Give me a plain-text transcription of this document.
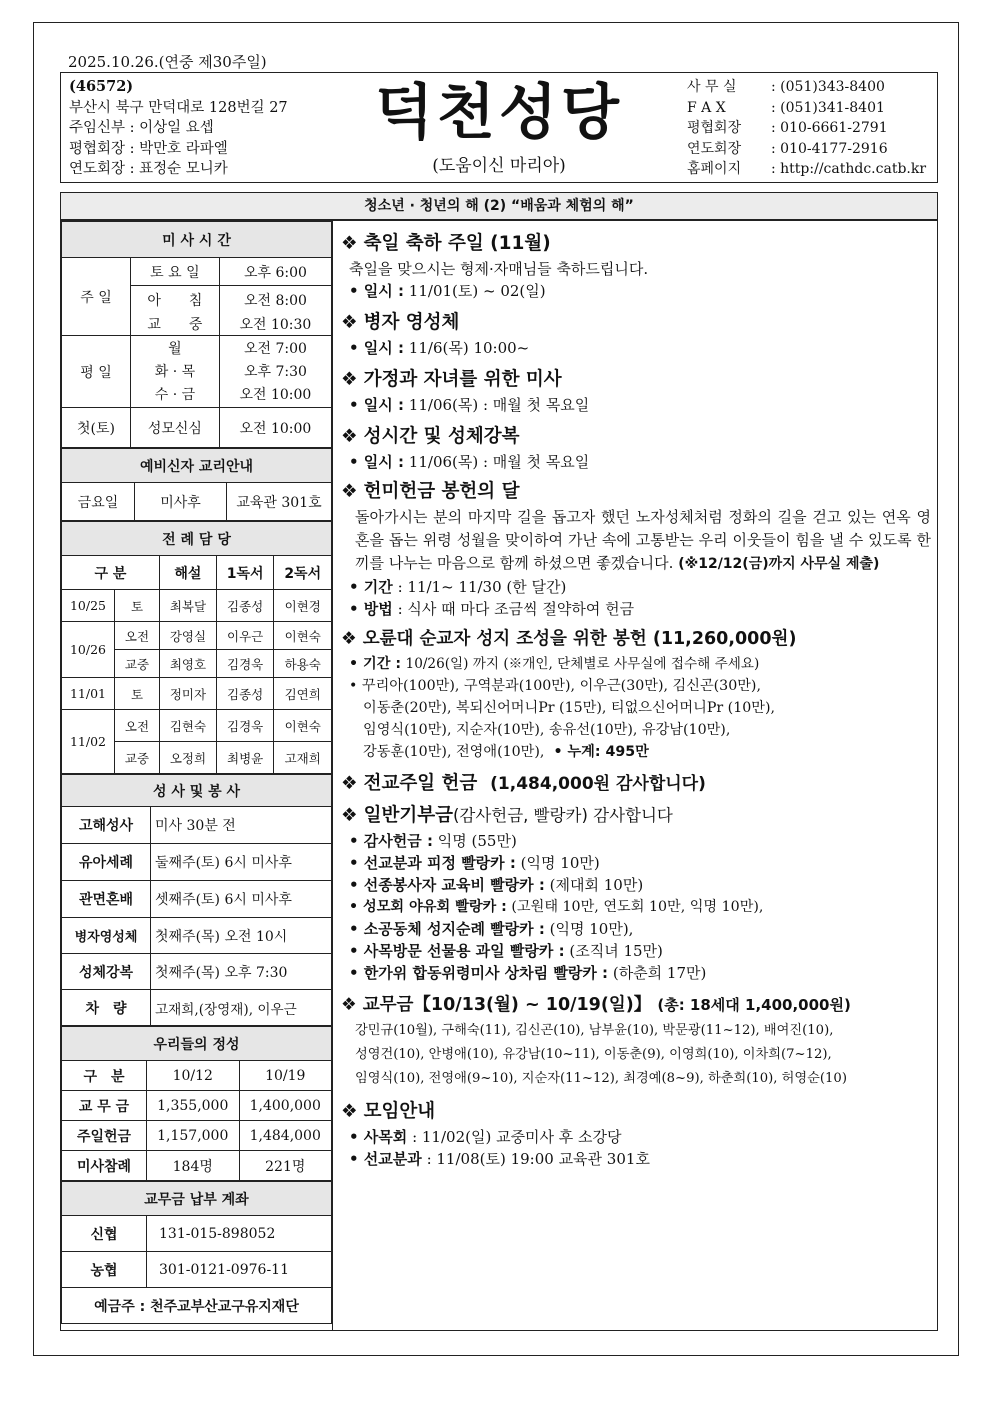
2025.10.26.(연중 제30주일)
(46572)
부산시 북구 만덕대로 128번길 27
주임신부 : 이상일 요셉
평협회장 : 박만호 라파엘
연도회장 : 표정순 모니카
덕천성당
(도움이신 마리아)
사 무 실	: (051)343-8400
F A X	: (051)341-8401
평협회장	: 010-6661-2791
연도회장	: 010-4177-2916
홈페이지	: http://cathdc.catb.kr
청소년 · 청년의 해 (2) “배움과 체험의 해”
미 사 시 간		
주 일	토 요 일	오후 6:00
	아　　침	오전 8:00
	교　　중	오전 10:30
평 일	월	오전 7:00
	화 · 목	오후 7:30
	수 · 금	오전 10:00
첫(토)	성모신심	오전 10:00
예비신자 교리안내
금요일	미사후	교육관 301호
전 례 담 당				
구 분		해설	1독서	2독서
10/25	토	최복달	김종성	이현경
10/26	오전	강영실	이우근	이현숙
	교중	최영호	김경욱	하용숙
11/01	토	정미자	김종성	김연희
11/02	오전	김현숙	김경욱	이현숙
	교중	오정희	최병윤	고재희
성 사 및 봉 사	
고해성사	미사 30분 전
유아세례	둘째주(토) 6시 미사후
관면혼배	셋째주(토) 6시 미사후
병자영성체	첫째주(목) 오전 10시
성체강복	첫째주(목) 오후 7:30
차　량	고재희,(장영재), 이우근
우리들의 정성		
구　분	10/12	10/19
교 무 금	1,355,000	1,400,000
주일헌금	1,157,000	1,484,000
미사참례	184명	221명
교무금 납부 계좌	
신협	131-015-898052
농협	301-0121-0976-11
예금주 : 천주교부산교구유지재단	
❖ 축일 축하 주일 (11월)
축일을 맞으시는 형제·자매님들 축하드립니다.
• 일시 : 11/01(토) ~ 02(일)
❖ 병자 영성체
• 일시 : 11/6(목) 10:00~
❖ 가정과 자녀를 위한 미사
• 일시 : 11/06(목) : 매월 첫 목요일
❖ 성시간 및 성체강복
• 일시 : 11/06(목) : 매월 첫 목요일
❖ 헌미헌금 봉헌의 달
돌아가시는 분의 마지막 길을 돕고자 했던 노자성체처럼 정화의 길을 걷고 있는 연옥 영혼을 돕는 위령 성월을 맞이하여 가난 속에 고통받는 우리 이웃들이 힘을 낼 수 있도록 한 끼를 나누는 마음으로 함께 하셨으면 좋겠습니다. (※12/12(금)까지 사무실 제출)
• 기간 : 11/1~ 11/30 (한 달간)
• 방법 : 식사 때 마다 조금씩 절약하여 헌금
❖ 오륜대 순교자 성지 조성을 위한 봉헌 (11,260,000원)
• 기간 : 10/26(일) 까지 (※개인, 단체별로 사무실에 접수해 주세요)
• 꾸리아(100만), 구역분과(100만), 이우근(30만), 김신곤(30만),
이동춘(20만), 복되신어머니Pr (15만), 티없으신어머니Pr (10만),
임영식(10만), 지순자(10만), 송유선(10만), 유강남(10만),
강동훈(10만), 전영애(10만), • 누계: 495만
❖ 전교주일 헌금 (1,484,000원 감사합니다)
❖ 일반기부금(감사헌금, 빨랑카) 감사합니다
• 감사헌금 : 익명 (55만)
• 선교분과 피정 빨랑카 : (익명 10만)
• 선종봉사자 교육비 빨랑카 : (제대회 10만)
• 성모회 야유회 빨랑카 : (고원태 10만, 연도회 10만, 익명 10만),
• 소공동체 성지순례 빨랑카 : (익명 10만),
• 사목방문 선물용 과일 빨랑카 : (조직녀 15만)
• 한가위 합동위령미사 상차림 빨랑카 : (하춘희 17만)
❖ 교무금【10/13(월) ~ 10/19(일)】 (총: 18세대 1,400,000원)
강민규(10월), 구해숙(11), 김신곤(10), 남부윤(10), 박문광(11~12), 배여진(10),
성영건(10), 안병애(10), 유강남(10~11), 이동춘(9), 이영희(10), 이차희(7~12),
임영식(10), 전영애(9~10), 지순자(11~12), 최경예(8~9), 하춘희(10), 허영순(10)
❖ 모임안내
• 사목회 : 11/02(일) 교중미사 후 소강당
• 선교분과 : 11/08(토) 19:00 교육관 301호
